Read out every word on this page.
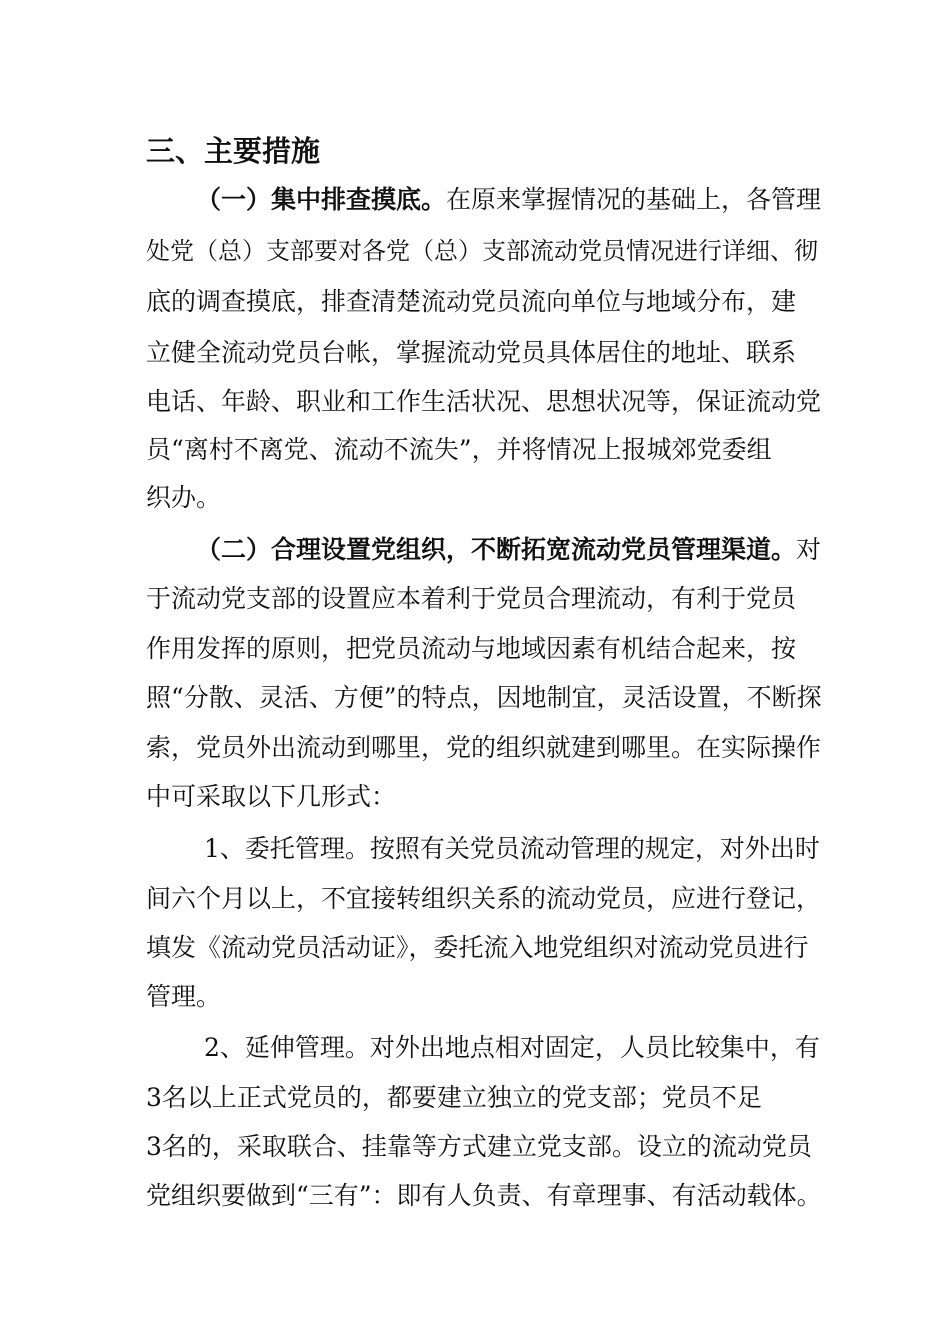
三、主要措施
（一）集中排查摸底。在原来掌握情况的基础上，各管理
处党（总）支部要对各党（总）支部流动党员情况进行详细、彻
底的调查摸底，排查清楚流动党员流向单位与地域分布，建
立健全流动党员台帐，掌握流动党员具体居住的地址、联系
电话、年龄、职业和工作生活状况、思想状况等，保证流动党
员“离村不离党、流动不流失”，并将情况上报城郊党委组
织办。
（二）合理设置党组织，不断拓宽流动党员管理渠道。对
于流动党支部的设置应本着利于党员合理流动，有利于党员
作用发挥的原则，把党员流动与地域因素有机结合起来，按
照“分散、灵活、方便”的特点，因地制宜，灵活设置，不断探
索，党员外出流动到哪里，党的组织就建到哪里。在实际操作
中可采取以下几形式：
1、委托管理。按照有关党员流动管理的规定，对外出时
间六个月以上，不宜接转组织关系的流动党员，应进行登记，
填发《流动党员活动证》，委托流入地党组织对流动党员进行
管理。
2、延伸管理。对外出地点相对固定，人员比较集中，有
3名以上正式党员的，都要建立独立的党支部；党员不足
3名的，采取联合、挂靠等方式建立党支部。设立的流动党员
党组织要做到“三有”：即有人负责、有章理事、有活动载体。
